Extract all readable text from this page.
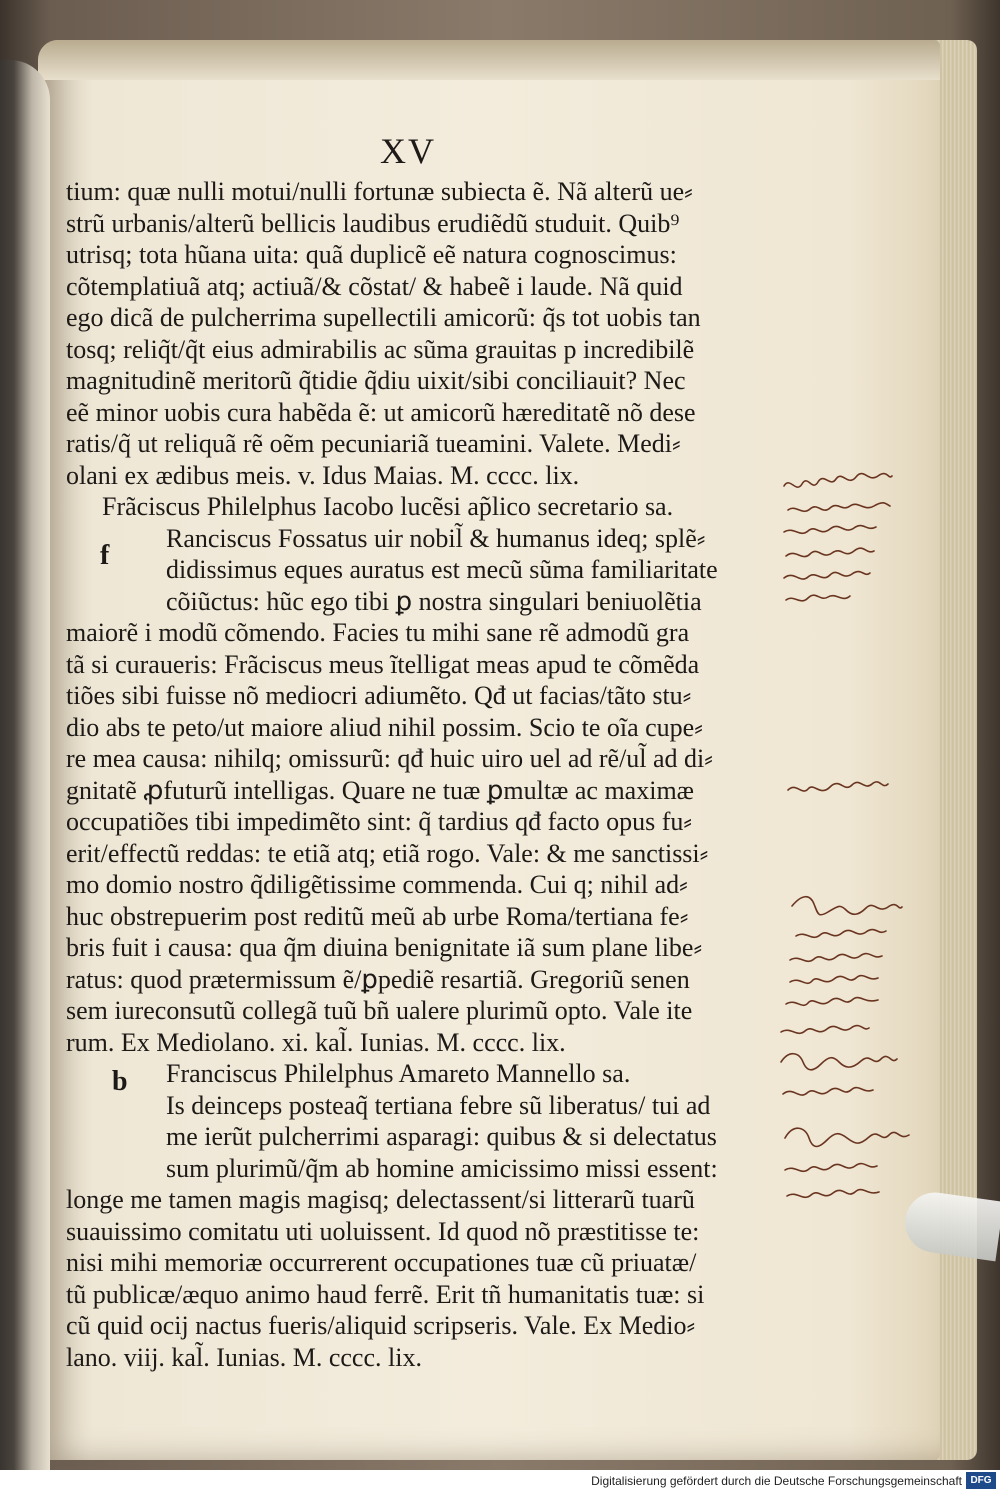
XV
tium: quæ nulli motui/nulli fortunæ subiecta ẽ. Nã alterũ ue⸗
strũ urbanis/alterũ bellicis laudibus erudiẽdũ studuit. Quib⁹
utrisq; tota hũana uita: quã duplicẽ eẽ natura cognoscimus:
cõtemplatiuã atq; actiuã/& cõstat/ & habeẽ i laude. Nã quid
ego dicã de pulcherrima supellectili amicorũ: q̃s tot uobis tan
tosq; reliq̃t/q̃t eius admirabilis ac sũma grauitas p incredibilẽ
magnitudinẽ meritorũ q̃tidie q̃diu uixit/sibi conciliauit? Nec
eẽ minor uobis cura habẽda ẽ: ut amicorũ hæreditatẽ nõ dese
ratis/q̃ ut reliquã rẽ oẽm pecuniariã tueamini. Valete. Medi⸗
olani ex ædibus meis. v. Idus Maias. M. cccc. lix.
Frãciscus Philelphus Iacobo lucẽsi ap̃lico secretario sa.
Ranciscus Fossatus uir nobil̃ & humanus ideq; splẽ⸗
didissimus eques auratus est mecũ sũma familiaritate
cõiũctus: hũc ego tibi ꝑ nostra singulari beniuolẽtia
maiorẽ i modũ cõmendo. Facies tu mihi sane rẽ admodũ gra
tã si curaueris: Frãciscus meus ĩtelligat meas apud te cõmẽda
tiões sibi fuisse nõ mediocri adiumẽto. Qđ ut facias/tãto stu⸗
dio abs te peto/ut maiore aliud nihil possim. Scio te oĩa cupe⸗
re mea causa: nihilq; omissurũ: qđ huic uiro uel ad rẽ/ul̃ ad di⸗
gnitatẽ ꝓfuturũ intelligas. Quare ne tuæ ꝑmultæ ac maximæ
occupatiões tibi impedimẽto sint: q̃ tardius qđ facto opus fu⸗
erit/effectũ reddas: te etiã atq; etiã rogo. Vale: & me sanctissi⸗
mo domio nostro q̃diligẽtissime commenda. Cui q; nihil ad⸗
huc obstrepuerim post reditũ meũ ab urbe Roma/tertiana fe⸗
bris fuit i causa: qua q̃m diuina benignitate iã sum plane libe⸗
ratus: quod prætermissum ẽ/ꝑpediẽ resartiã. Gregoriũ senen
sem iureconsutũ collegã tuũ bñ ualere plurimũ opto. Vale ite
rum. Ex Mediolano. xi. kal̃. Iunias. M. cccc. lix.
Franciscus Philelphus Amareto Mannello sa.
Is deinceps posteaq̃ tertiana febre sũ liberatus/ tui ad
me ierũt pulcherrimi asparagi: quibus & si delectatus
sum plurimũ/q̃m ab homine amicissimo missi essent:
longe me tamen magis magisq; delectassent/si litterarũ tuarũ
suauissimo comitatu uti uoluissent. Id quod nõ præstitisse te:
nisi mihi memoriæ occurrerent occupationes tuæ cũ priuatæ/
tũ publicæ/æquo animo haud ferrẽ. Erit tñ humanitatis tuæ: si
cũ quid ocij nactus fueris/aliquid scripseris. Vale. Ex Medio⸗
lano. viij. kal̃. Iunias. M. cccc. lix.
f
b
Digitalisierung gefördert durch die Deutsche Forschungsgemeinschaft DFG
